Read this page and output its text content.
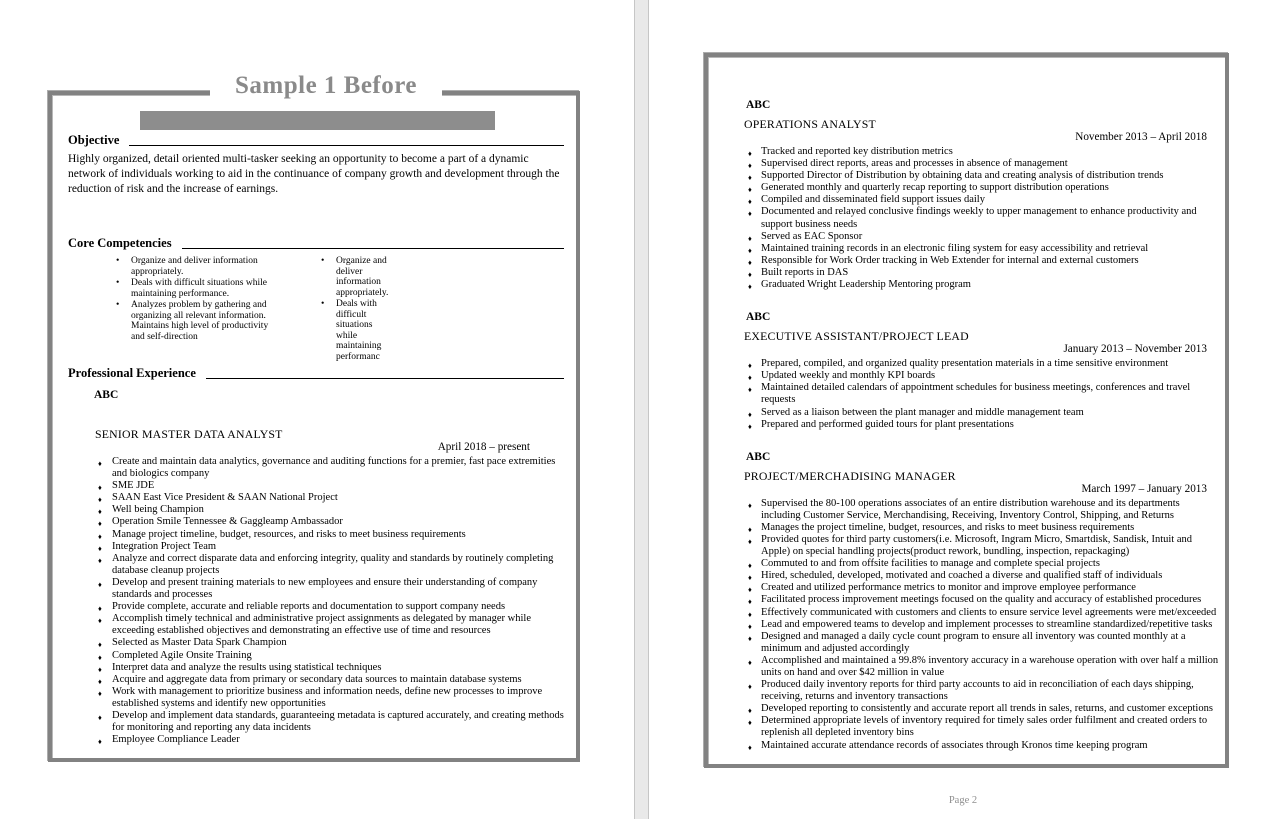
Sample 1 Before
Objective

Highly organized, detail oriented multi-tasker seeking an opportunity to become a part of a dynamic network of individuals working to aid in the continuance of company growth and development through the reduction of risk and the increase of earnings.

Core Competencies
• Organize and deliver information appropriately.
• Deals with difficult situations while maintaining performance.
• Analyzes problem by gathering and organizing all relevant information. Maintains high level of productivity and self-direction
• Organize and deliver information appropriately.
• Deals with difficult situations while maintaining performanc
Professional Experience
ABC
SENIOR MASTER DATA ANALYST
April 2018 – present
♦ Create and maintain data analytics, governance and auditing functions for a premier, fast pace extremities and biologics company
♦ SME JDE
♦ SAAN East Vice President & SAAN National Project
♦ Well being Champion
♦ Operation Smile Tennessee & Gaggleamp Ambassador
♦ Manage project timeline, budget, resources, and risks to meet business requirements
♦ Integration Project Team
♦ Analyze and correct disparate data and enforcing integrity, quality and standards by routinely completing database cleanup projects
♦ Develop and present training materials to new employees and ensure their understanding of company standards and processes
♦ Provide complete, accurate and reliable reports and documentation to support company needs
♦ Accomplish timely technical and administrative project assignments as delegated by manager while exceeding established objectives and demonstrating an effective use of time and resources
♦ Selected as Master Data Spark Champion
♦ Completed Agile Onsite Training
♦ Interpret data and analyze the results using statistical techniques
♦ Acquire and aggregate data from primary or secondary data sources to maintain database systems
♦ Work with management to prioritize business and information needs, define new processes to improve established systems and identify new opportunities
♦ Develop and implement data standards, guaranteeing metadata is captured accurately, and creating methods for monitoring and reporting any data incidents
♦ Employee Compliance Leader
ABC
OPERATIONS ANALYST
November 2013 – April 2018
♦ Tracked and reported key distribution metrics
♦ Supervised direct reports, areas and processes in absence of management
♦ Supported Director of Distribution by obtaining data and creating analysis of distribution trends
♦ Generated monthly and quarterly recap reporting to support distribution operations
♦ Compiled and disseminated field support issues daily
♦ Documented and relayed conclusive findings weekly to upper management to enhance productivity and support business needs
♦ Served as EAC Sponsor
♦ Maintained training records in an electronic filing system for easy accessibility and retrieval
♦ Responsible for Work Order tracking in Web Extender for internal and external customers
♦ Built reports in DAS
♦ Graduated Wright Leadership Mentoring program
ABC
EXECUTIVE ASSISTANT/PROJECT LEAD
January 2013 – November 2013
♦ Prepared, compiled, and organized quality presentation materials in a time sensitive environment
♦ Updated weekly and monthly KPI boards
♦ Maintained detailed calendars of appointment schedules for business meetings, conferences and travel requests
♦ Served as a liaison between the plant manager and middle management team
♦ Prepared and performed guided tours for plant presentations
ABC
PROJECT/MERCHADISING MANAGER
March 1997 – January 2013
♦ Supervised the 80-100 operations associates of an entire distribution warehouse and its departments including Customer Service, Merchandising, Receiving, Inventory Control, Shipping, and Returns
♦ Manages the project timeline, budget, resources, and risks to meet business requirements
♦ Provided quotes for third party customers(i.e. Microsoft, Ingram Micro, Smartdisk, Sandisk, Intuit and Apple) on special handling projects(product rework, bundling, inspection, repackaging)
♦ Commuted to and from offsite facilities to manage and complete special projects
♦ Hired, scheduled, developed, motivated and coached a diverse and qualified staff of individuals
♦ Created and utilized performance metrics to monitor and improve employee performance
♦ Facilitated process improvement meetings focused on the quality and accuracy of established procedures
♦ Effectively communicated with customers and clients to ensure service level agreements were met/exceeded
♦ Lead and empowered teams to develop and implement processes to streamline standardized/repetitive tasks
♦ Designed and managed a daily cycle count program to ensure all inventory was counted monthly at a minimum and adjusted accordingly
♦ Accomplished and maintained a 99.8% inventory accuracy in a warehouse operation with over half a million units on hand and over $42 million in value
♦ Produced daily inventory reports for third party accounts to aid in reconciliation of each days shipping, receiving, returns and inventory transactions
♦ Developed reporting to consistently and accurate report all trends in sales, returns, and customer exceptions
♦ Determined appropriate levels of inventory required for timely sales order fulfilment and created orders to replenish all depleted inventory bins
♦ Maintained accurate attendance records of associates through Kronos time keeping program
Page 2
